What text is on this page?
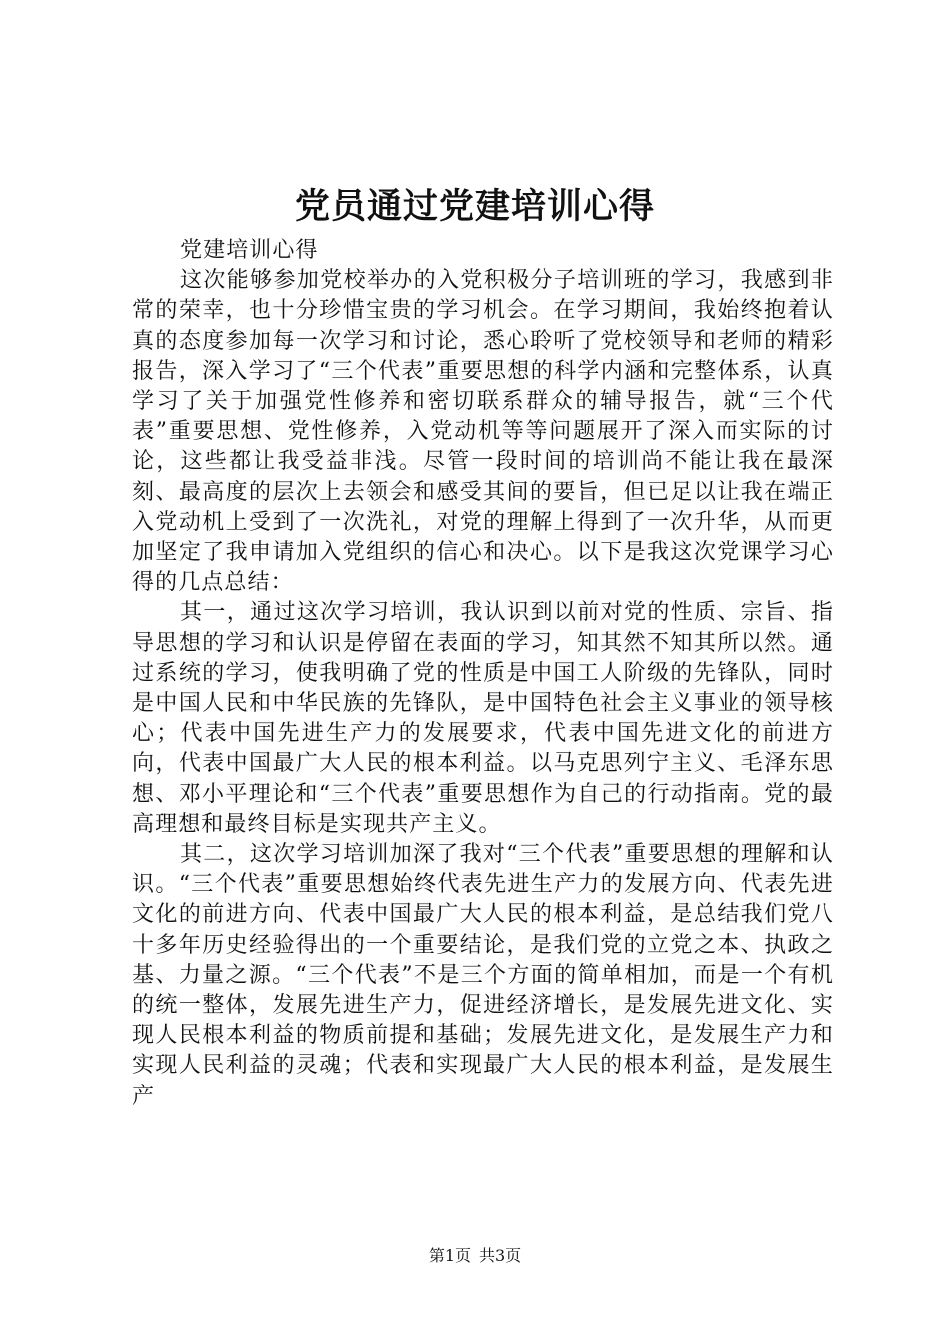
党员通过党建培训心得

党建培训心得

这次能够参加党校举办的入党积极分子培训班的学习，我感到非常的荣幸，也十分珍惜宝贵的学习机会。在学习期间，我始终抱着认真的态度参加每一次学习和讨论，悉心聆听了党校领导和老师的精彩报告，深入学习了“三个代表”重要思想的科学内涵和完整体系，认真学习了关于加强党性修养和密切联系群众的辅导报告，就“三个代表”重要思想、党性修养，入党动机等等问题展开了深入而实际的讨论，这些都让我受益非浅。尽管一段时间的培训尚不能让我在最深刻、最高度的层次上去领会和感受其间的要旨，但已足以让我在端正入党动机上受到了一次洗礼，对党的理解上得到了一次升华，从而更加坚定了我申请加入党组织的信心和决心。以下是我这次党课学习心得的几点总结：

其一，通过这次学习培训，我认识到以前对党的性质、宗旨、指导思想的学习和认识是停留在表面的学习，知其然不知其所以然。通过系统的学习，使我明确了党的性质是中国工人阶级的先锋队，同时是中国人民和中华民族的先锋队，是中国特色社会主义事业的领导核心；代表中国先进生产力的发展要求，代表中国先进文化的前进方向，代表中国最广大人民的根本利益。以马克思列宁主义、毛泽东思想、邓小平理论和“三个代表”重要思想作为自己的行动指南。党的最高理想和最终目标是实现共产主义。

其二，这次学习培训加深了我对“三个代表”重要思想的理解和认识。“三个代表”重要思想始终代表先进生产力的发展方向、代表先进文化的前进方向、代表中国最广大人民的根本利益，是总结我们党八十多年历史经验得出的一个重要结论，是我们党的立党之本、执政之基、力量之源。“三个代表”不是三个方面的简单相加，而是一个有机的统一整体，发展先进生产力，促进经济增长，是发展先进文化、实现人民根本利益的物质前提和基础；发展先进文化，是发展生产力和实现人民利益的灵魂；代表和实现最广大人民的根本利益，是发展生产

第1页 共3页
